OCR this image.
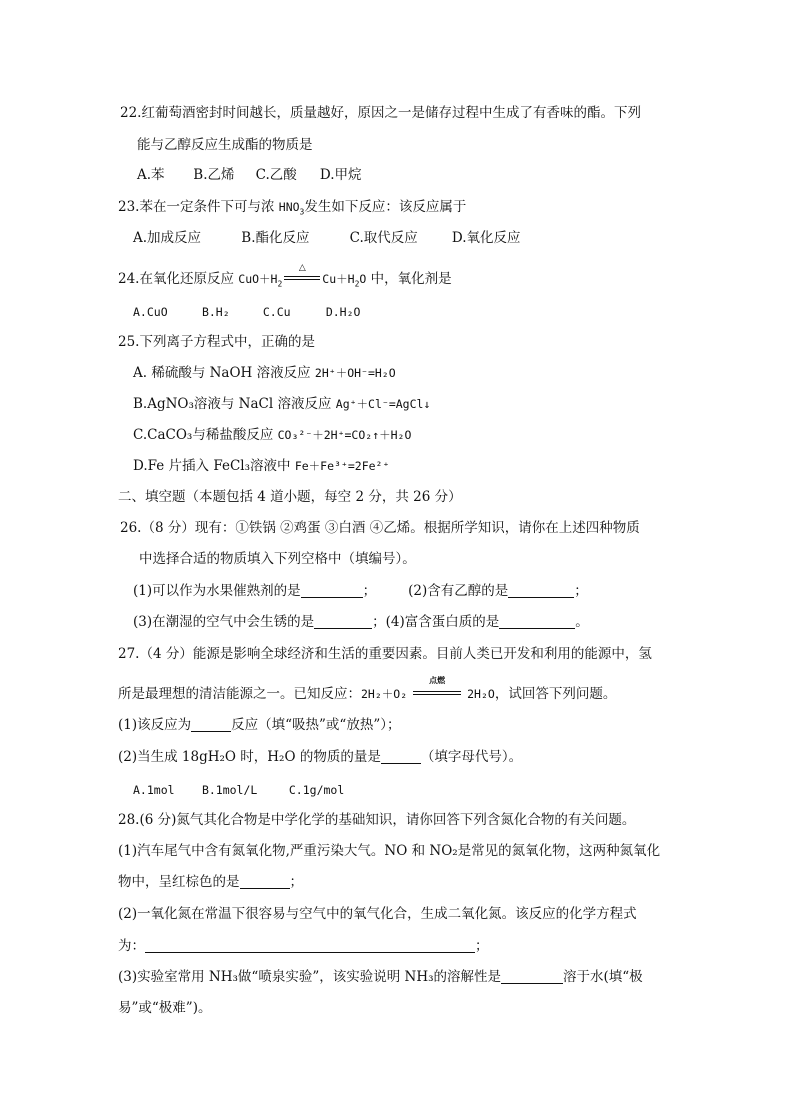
22.红葡萄酒密封时间越长，质量越好，原因之一是储存过程中生成了有香味的酯。下列
能与乙醇反应生成酯的物质是
A.苯 B.乙烯 C.乙酸 D.甲烷
23.苯在一定条件下可与浓 $HNO_3$发生如下反应：该反应属于
A.加成反应	B.酯化反应	C.取代反应	D.氧化反应
24.在氧化还原反应 $CuO+H_2$
△
$Cu+H_2O$ 中，氧化剂是
A.CuO	B.H₂	C.Cu	D.H₂O
25.下列离子方程式中，正确的是
A. 稀硫酸与 NaOH 溶液反应 2H⁺＋OH⁻=H₂O
B.AgNO₃溶液与 NaCl 溶液反应 Ag⁺＋Cl⁻=AgCl↓
C.CaCO₃与稀盐酸反应 CO₃²⁻＋2H⁺=CO₂↑＋H₂O
D.Fe 片插入 FeCl₃溶液中 Fe＋Fe³⁺=2Fe²⁺
二、填空题（本题包括 4 道小题，每空 2 分，共 26 分）
26.（8 分）现有：①铁锅 ②鸡蛋 ③白酒 ④乙烯。根据所学知识，请你在上述四种物质
中选择合适的物质填入下列空格中（填编号）。
(1)可以作为水果催熟剂的是	； (2)含有乙醇的是	；
(3)在潮湿的空气中会生锈的是	；(4)富含蛋白质的是	。
27.（4 分）能源是影响全球经济和生活的重要因素。目前人类已开发和利用的能源中，氢
所是最理想的清洁能源之一。已知反应：2H₂＋O₂
点燃
2H₂O，试回答下列问题。
(1)该反应为	反应（填“吸热”或“放热”）；
(2)当生成 18gH₂O 时，H₂O 的物质的量是	（填字母代号）。
A.1mol B.1mol/L	C.1g/mol
28.(6 分)氮气其化合物是中学化学的基础知识，请你回答下列含氮化合物的有关问题。
(1)汽车尾气中含有氮氧化物,严重污染大气。NO 和 NO₂是常见的氮氧化物，这两种氮氧化
物中，呈红棕色的是	；
(2)一氧化氮在常温下很容易与空气中的氧气化合，生成二氧化氮。该反应的化学方程式
为：	；
(3)实验室常用 NH₃做“喷泉实验”，该实验说明 NH₃的溶解性是	溶于水(填“极
易”或“极难”)。
